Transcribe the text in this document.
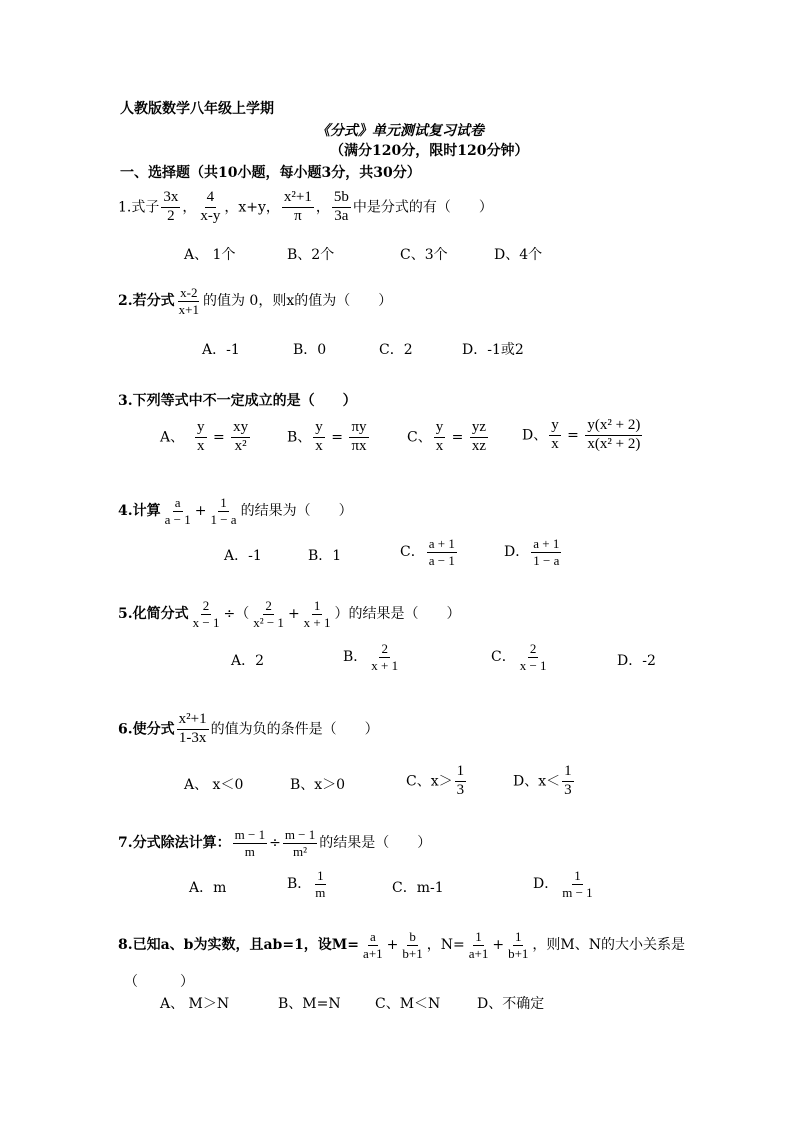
人教版数学八年级上学期
《分式》单元测试复习试卷
（满分120分，限时120分钟）
一、选择题（共10小题，每小题3分，共30分）
1.式子 $\frac{3x}{2}$ ， $\frac{4}{x-y}$ ，x+y， $\frac{\text{x²+1}}{\pi}$ ， $\frac{5b}{3a}$ 中是分式的有（　　）
A、 1个	B、2个	C、3个	D、4个
2.若分式 $\frac{x-2}{x+1}$ 的值为 0，则x的值为（　　）
A．-1	B．0	C．2	D．-1或2
3.下列等式中不一定成立的是（　　）
A、 $\frac{y}{x} = \frac{xy}{\text{x²}}$	B、 $\frac{y}{x} = \frac{\pi y}{\pi x}$	C、 $\frac{y}{x} = \frac{yz}{xz}$ D、 $\frac{y}{x} = \frac{\text{y(x² + 2)}}{\text{x(x² + 2)}}$
4.计算 $\frac{a}{a - 1} + \frac{1}{1 - a}$ 的结果为（　　）
A．-1	B．1	C． $\frac{a + 1}{a - 1}$	D． $\frac{a + 1}{1 - a}$
5.化简分式 $\frac{2}{x - 1}$ ÷（ $\frac{2}{\text{x² − 1}} + \frac{1}{x + 1}$ ）的结果是（　　）
A．2	B． $\frac{2}{x + 1}$	C． $\frac{2}{x - 1}$	D．-2
6.使分式 $\frac{\text{x²+1}}{1-3x}$ 的值为负的条件是（　　）
A、 x＜0	B、x＞0	C、$x> \frac{1}{3}$	D、$x< \frac{1}{3}$
7.分式除法计算： $\frac{m - 1}{m} \div \frac{m - 1}{\text{m²}}$ 的结果是（　　）
A．m	B． $\frac{1}{m}$	C．m-1	D． $\frac{1}{m - 1}$
8.已知a、b为实数，且ab=1，设$M= \frac{a}{a+1} + \frac{b}{b+1}$ ，$N= \frac{1}{a+1} + \frac{1}{b+1}$ ，则M、N的大小关系是
（　　　）
A、 M＞N	B、M=N C、M＜N	D、不确定
